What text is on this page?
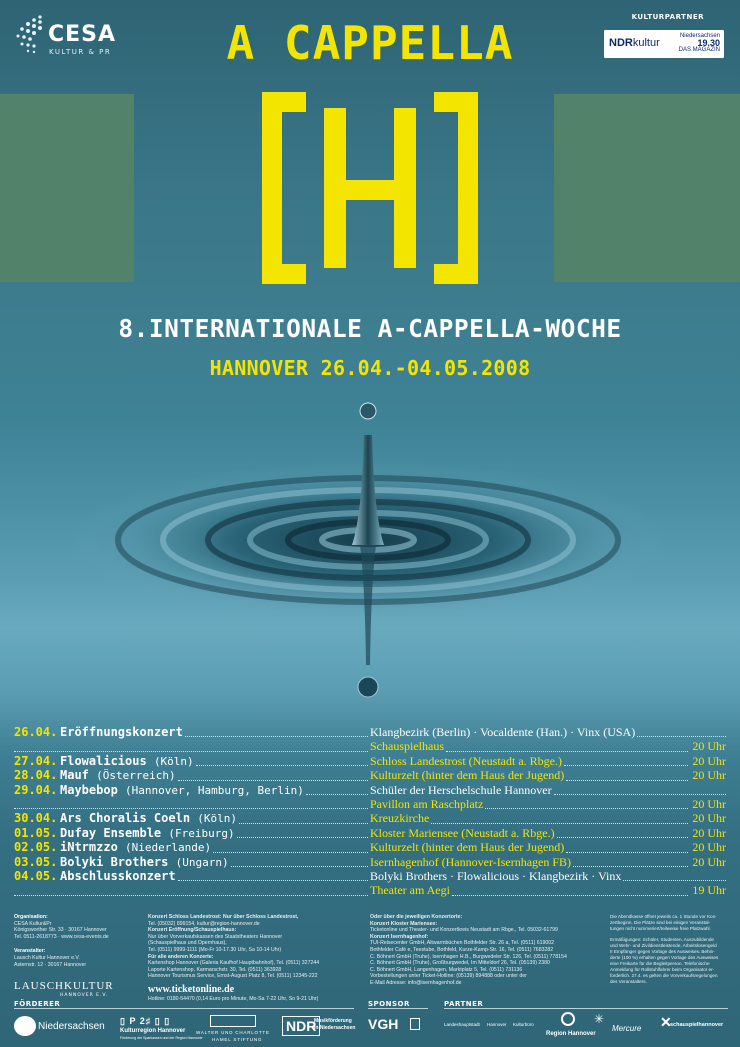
CESA
KULTUR & PR
KULTURPARTNER
NDRkultur
Niedersachsen
19.30
DAS MAGAZIN
A CAPPELLA
H
8.INTERNATIONALE A-CAPPELLA-WOCHE
HANNOVER 26.04.-04.05.2008
26.04. Eröffnungskonzert	Klangbezirk (Berlin) · Vocaldente (Han.) · Vinx (USA)
Schauspielhaus	20 Uhr
27.04. Flowalicious (Köln)	Schloss Landestrost (Neustadt a. Rbge.)	20 Uhr
28.04. Mauf (Österreich)	Kulturzelt (hinter dem Haus der Jugend)	20 Uhr
29.04. Maybebop (Hannover, Hamburg, Berlin)	Schüler der Herschelschule Hannover
Pavillon am Raschplatz	20 Uhr
30.04. Ars Choralis Coeln (Köln)	Kreuzkirche	20 Uhr
01.05. Dufay Ensemble (Freiburg)	Kloster Mariensee (Neustadt a. Rbge.)	20 Uhr
02.05. iNtrmzzo (Niederlande)	Kulturzelt (hinter dem Haus der Jugend)	20 Uhr
03.05. Bolyki Brothers (Ungarn)	Isernhagenhof (Hannover-Isernhagen FB)	20 Uhr
04.05. Abschlusskonzert	Bolyki Brothers · Flowalicious · Klangbezirk · Vinx
Theater am Aegi	19 Uhr
Organisation:
CESA Kultur&Pr
Königsworther Str. 33 · 30167 Hannover
Tel. 0511-2618773 · www.cesa-events.de
Veranstalter:
Lausch Kultur Hannover e.V.
Asternstr. 12 · 30167 Hannover
LAUSCHKULTUR
HANNOVER E.V.
Konzert Schloss Landestrost: Nur über Schloss Landestrost,
Tel. (05032) 899154, kultur@region-hannover.de
Konzert Eröffnung/Schauspielhaus:
Nur über Vorverkaufskassen des Staatstheaters Hannover
(Schauspielhaus und Opernhaus),
Tel. (0511) 9999-1111 (Mo-Fr 10-17.30 Uhr, Sa 10-14 Uhr)
Für alle anderen Konzerte:
Kartenshop Hannover (Galeria Kaufhof Hauptbahnhof), Tel. (0511) 327244
Laporte Kartenshop, Karmarschstr. 30, Tel. (0511) 363928
Hannover Tourismus Service, Ernst-August Platz 8, Tel. (0511) 12345-222
www.ticketonline.de
Hotline: 0180-54470 (0,14 Euro pro Minute, Mo-Sa 7-22 Uhr, So 9-21 Uhr)
Oder über die jeweiligen Konzertorte:
Konzert Kloster Mariensee:
Ticketonline und Theater- und Konzertkreis Neustadt am Rbge., Tel. 05032-61799
Konzert Isernhagenhof:
TUI-Reisecenter GmbH, Altwarmbüchen Bothfelder Str. 26 a, Tel. (0511) 619002
Bothfelder Café e, Teestube, Bothfeld, Kurze-Kamp-Str. 16, Tel. (0511) 7683282
C. Böhnert GmbH (Truhe), Isernhagen H.B., Burgwedeler Str. 126, Tel. (0511) 778154
C. Böhnert GmbH (Truhe), Großburgwedel, Im Mitteldorf 26, Tel. (05139) 2380
C. Böhnert GmbH, Langenhagen, Marktplatz 5, Tel. (0511) 731136
Vorbestellungen unter Ticket-Hotline: (05139) 894888 oder unter der
E-Mail Adresse: info@isernhagenhof.de
Die Abendkasse öffnet jeweils ca. 1 Stunde vor Kon-
zertbeginn. Die Plätze sind bei einigen Veranstal-
tungen nicht nummeriert/teilweise freie Platzwahl.
Ermäßigungen: Schüler, Studenten, Auszubildende
und Wehr- und Zivildienstleistende, Arbeitslosengeld
II Empfänger gegen Vorlage des Ausweises. Behin-
derte (100 %) erhalten gegen Vorlage des Ausweises
eine Freikarte für die Begleitperson. Telefonische
Anmeldung für Rollstuhlfahrer beim Organisator er-
forderlich. 27.4. es gelten die Vorverkaufsregelungen
des Veranstalters.
FÖRDERER	SPONSOR	PARTNER
Niedersachsen ▯ P 2♯ ▯ ▯
Kulturregion Hannover
Förderung der Sparkassen und der Region Hannover
WALTER UND CHARLOTTE
HAMEL STIFTUNG
NDR
Musikförderung
in Niedersachsen VGH	Landeshauptstadt Hannover Kulturbüro
Region Hannover
✳
Mercure ✕
schauspielhannover
